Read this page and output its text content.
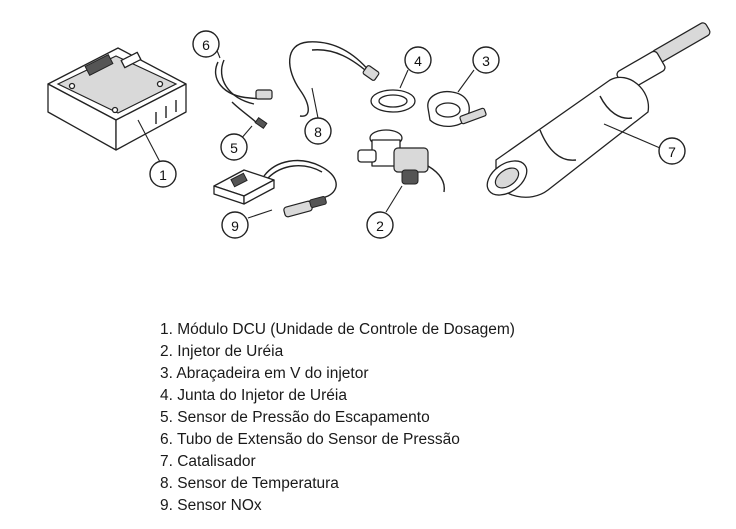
1
2
3
4
5
6
7
8
9
1. Módulo DCU (Unidade de Controle de Dosagem)
2. Injetor de Uréia
3. Abraçadeira em V do injetor
4. Junta do Injetor de Uréia
5. Sensor de Pressão do Escapamento
6. Tubo de Extensão do Sensor de Pressão
7. Catalisador
8. Sensor de Temperatura
9. Sensor NOx
